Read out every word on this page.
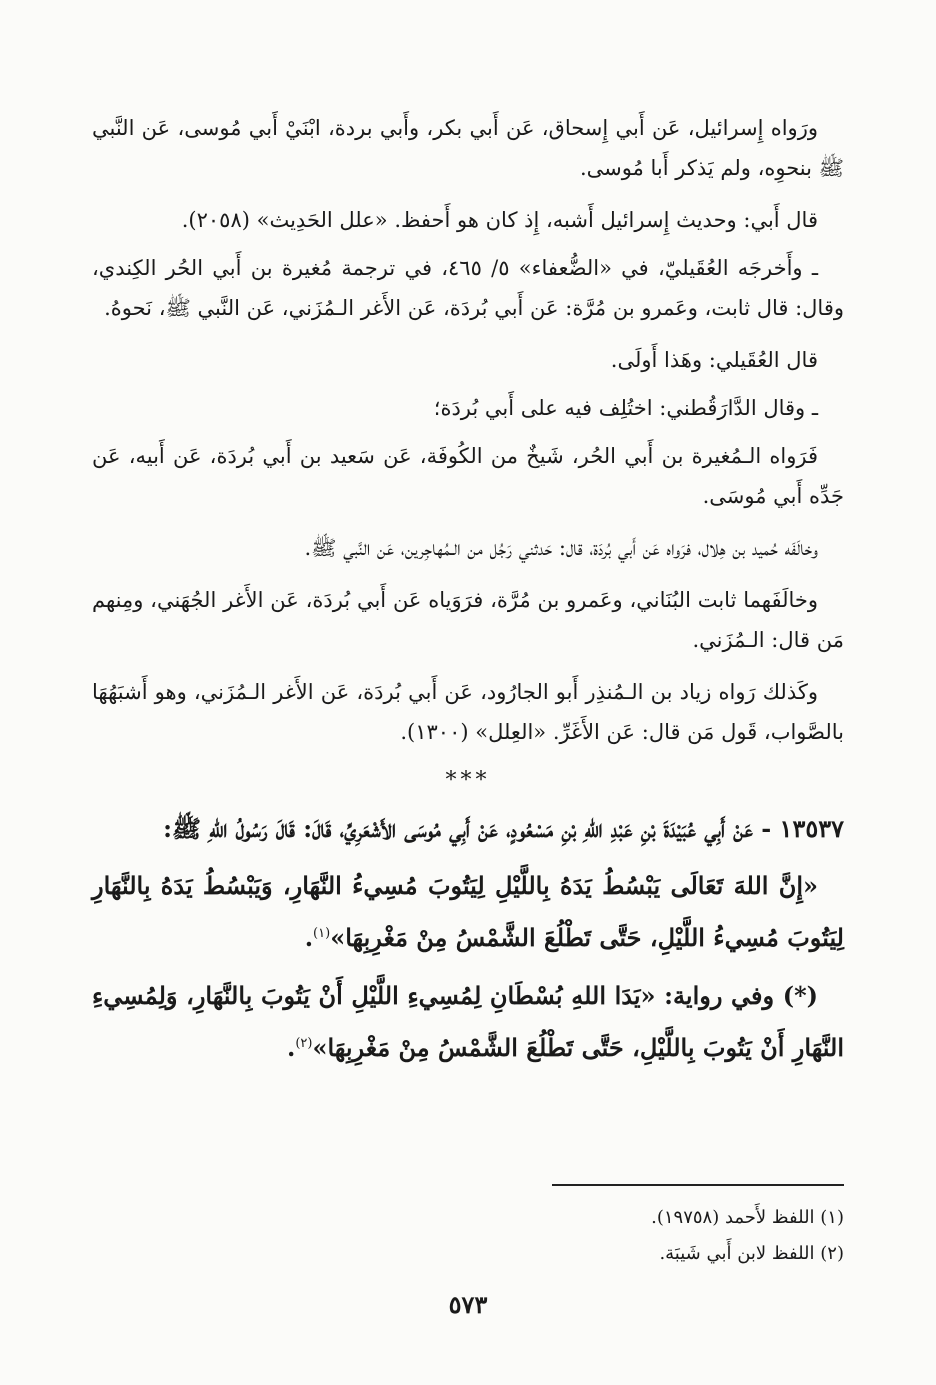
ورَواه إِسرائيل، عَن أَبي إِسحاق، عَن أَبي بكر، وأَبي بردة، ابْنَيْ أَبي مُوسى، عَن النَّبي ﷺ بنحوِه، ولم يَذكر أَبا مُوسى.

قال أَبي: وحديث إِسرائيل أَشبه، إِذ كان هو أَحفظ. «علل الحَدِيث» (٢٠٥٨).

ـ وأَخرجَه العُقَيليّ، في «الضُّعفاء» ٥/ ٤٦٥، في ترجمة مُغيرة بن أَبي الحُر الكِندي، وقال: قال ثابت، وعَمرو بن مُرَّة: عَن أَبي بُردَة، عَن الأَغر الـمُزَني، عَن النَّبي ﷺ، نَحوهُ.

قال العُقَيلي: وهَذا أَولَى.

ـ وقال الدَّارَقُطني: اختُلِف فيه على أَبي بُردَة؛

فَرَواه الـمُغيرة بن أَبي الحُر، شَيخٌ من الكُوفَة، عَن سَعيد بن أَبي بُردَة، عَن أَبيه، عَن جَدِّه أَبي مُوسَى.

وخالَفَه حُميد بن هِلال، فرَواه عَن أَبي بُردَة، قال: حَدثني رَجُل من الـمُهاجِرين، عَن النَّبي ﷺ.

وخالَفَهما ثابت البُنَاني، وعَمرو بن مُرَّة، فرَوَياه عَن أَبي بُردَة، عَن الأَغر الجُهَني، ومِنهم مَن قال: الـمُزَني.

وكَذلك رَواه زياد بن الـمُنذِر أَبو الجارُود، عَن أَبي بُردَة، عَن الأَغر الـمُزَني، وهو أَشبَهُهَا بالصَّواب، قَول مَن قال: عَن الأَغَرِّ. «العِلل» (١٣٠٠).

***

١٣٥٣٧ - عَنْ أَبِي عُبَيْدَةَ بْنِ عَبْدِ اللهِ بْنِ مَسْعُودٍ، عَنْ أَبِي مُوسَى الأَشْعَرِيِّ، قَالَ: قَالَ رَسُولُ اللهِ ﷺ:

«إِنَّ اللهَ تَعَالَى يَبْسُطُ يَدَهُ بِاللَّيْلِ لِيَتُوبَ مُسِيءُ النَّهَارِ، وَيَبْسُطُ يَدَهُ بِالنَّهَارِ لِيَتُوبَ مُسِيءُ اللَّيْلِ، حَتَّى تَطْلُعَ الشَّمْسُ مِنْ مَغْرِبِهَا»$^{(١)}$.

(*) وفي رواية: «يَدَا اللهِ بُسْطَانِ لِمُسِيءِ اللَّيْلِ أَنْ يَتُوبَ بِالنَّهَارِ، وَلِمُسِيءِ النَّهَارِ أَنْ يَتُوبَ بِاللَّيْلِ، حَتَّى تَطْلُعَ الشَّمْسُ مِنْ مَغْرِبِهَا»$^{(٢)}$.

(١) اللفظ لأَحمد (١٩٧٥٨).

(٢) اللفظ لابن أَبي شَيبَة.

٥٧٣
